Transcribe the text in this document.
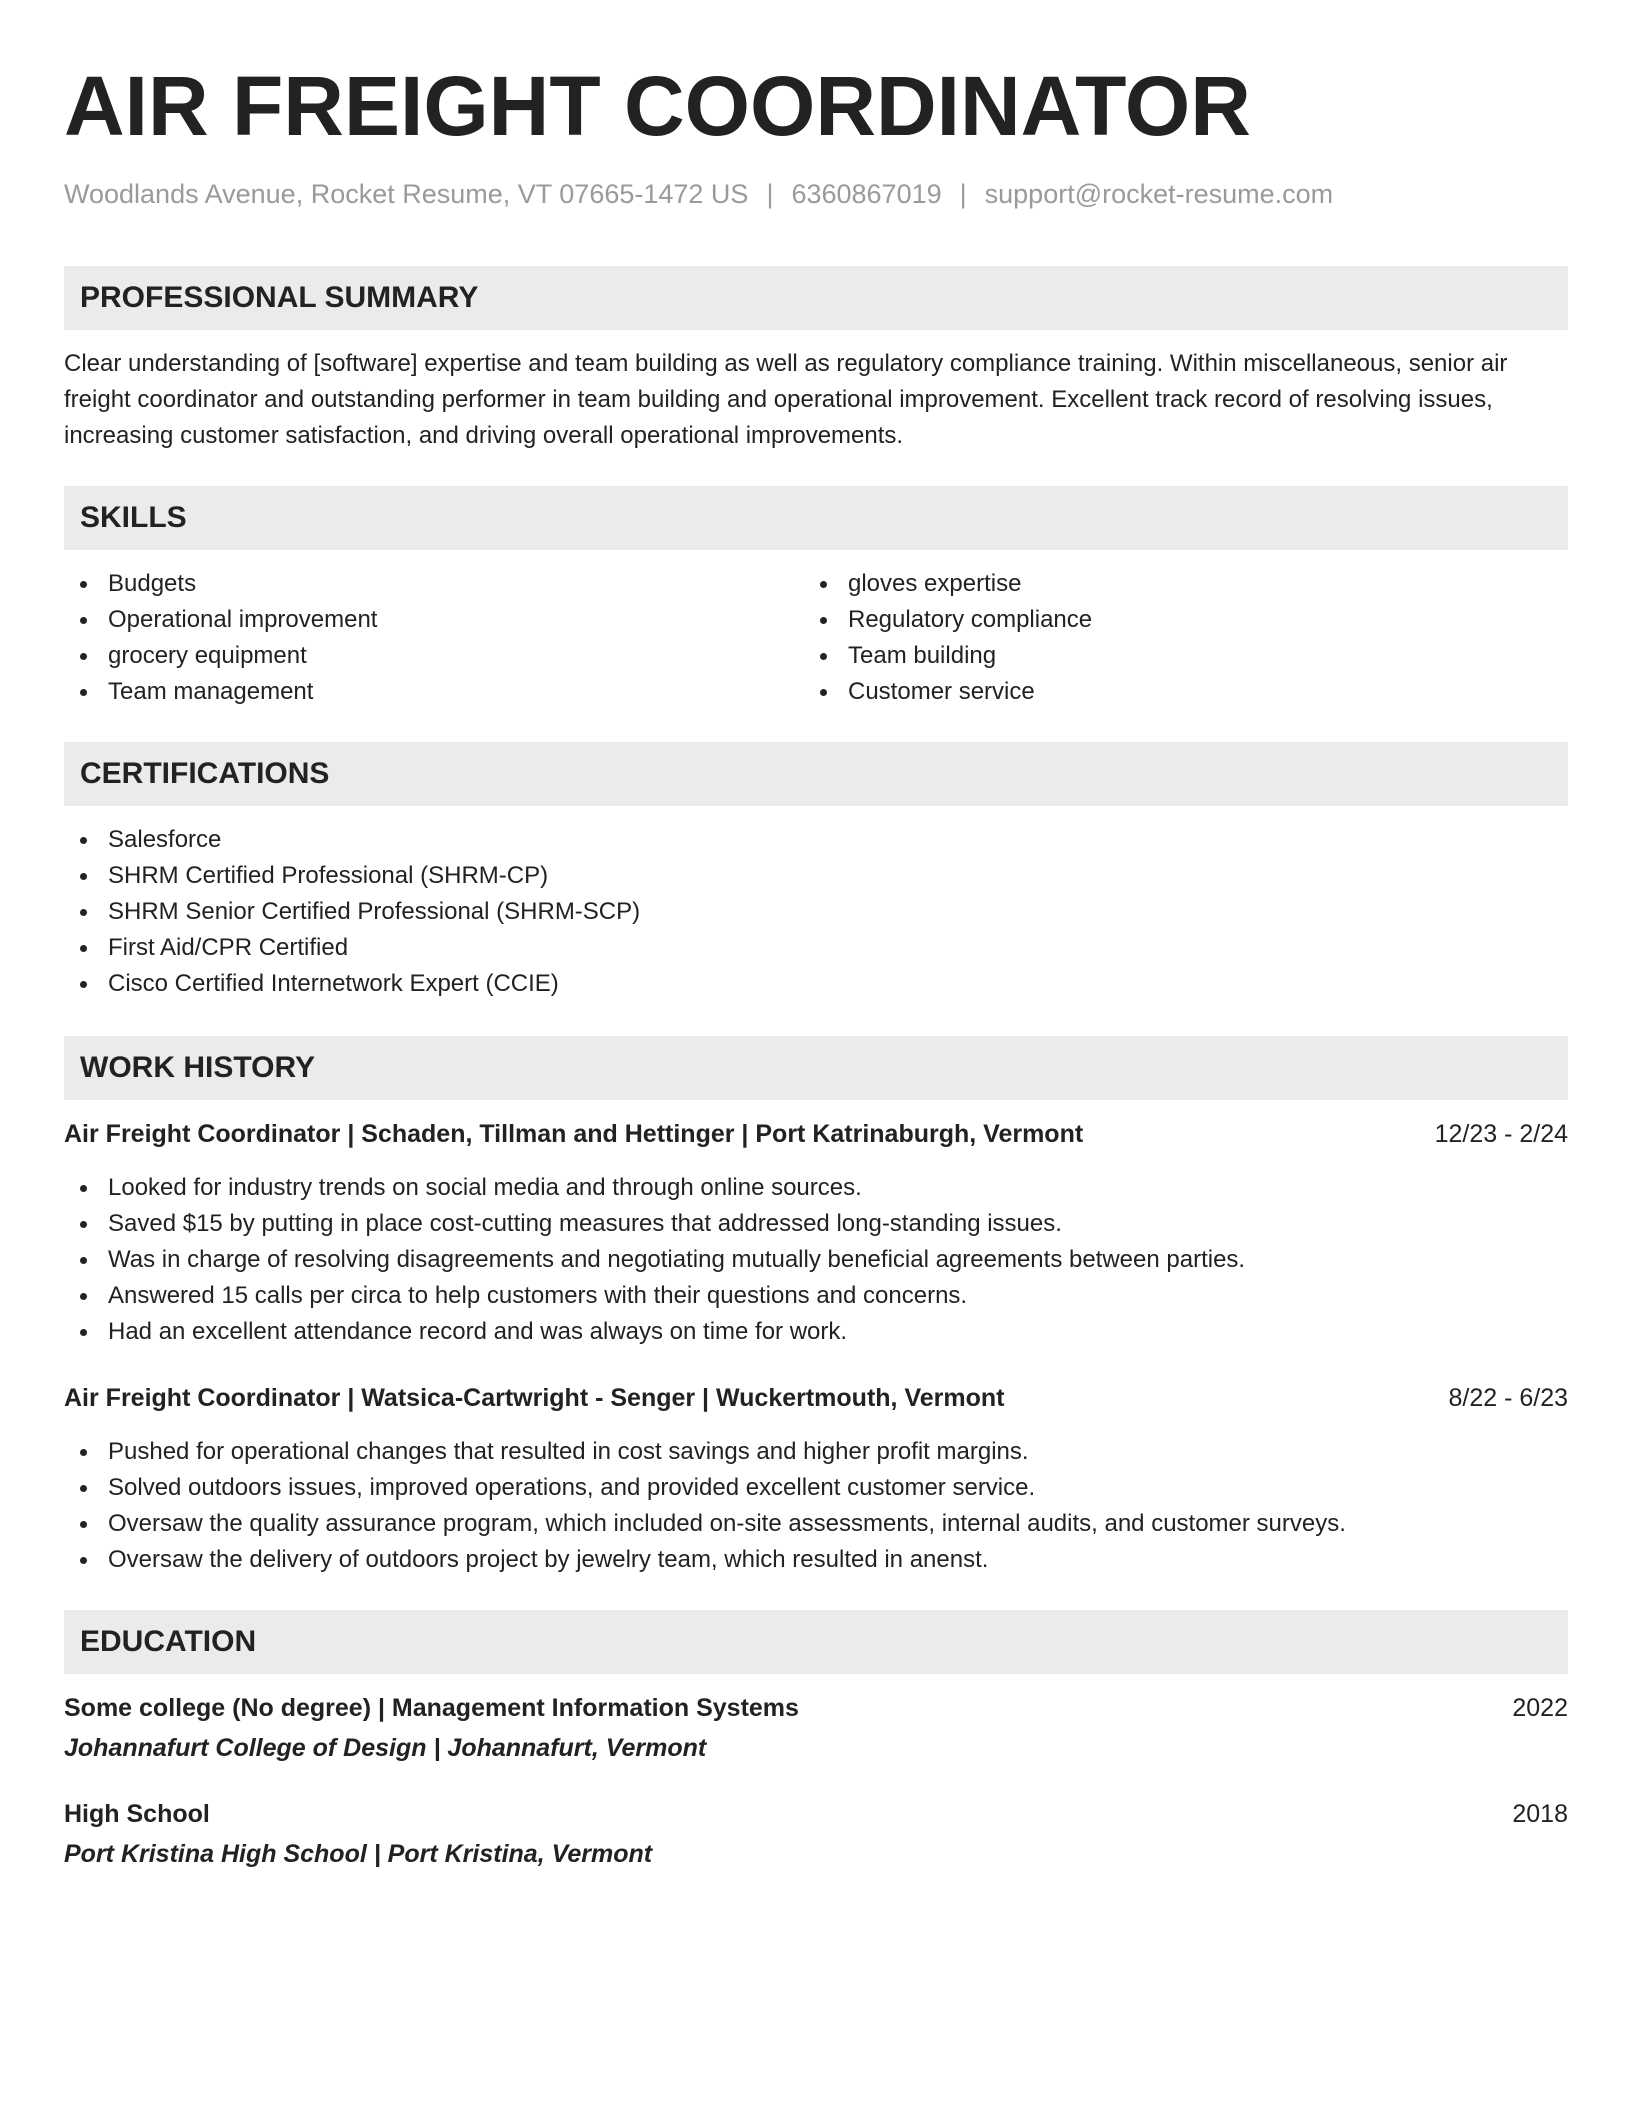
AIR FREIGHT COORDINATOR
Woodlands Avenue, Rocket Resume, VT 07665-1472 US | 6360867019 | support@rocket-resume.com
PROFESSIONAL SUMMARY

Clear understanding of [software] expertise and team building as well as regulatory compliance training. Within miscellaneous, senior air freight coordinator and outstanding performer in team building and operational improvement. Excellent track record of resolving issues, increasing customer satisfaction, and driving overall operational improvements.

SKILLS
Budgets
Operational improvement
grocery equipment
Team management
gloves expertise
Regulatory compliance
Team building
Customer service
CERTIFICATIONS
Salesforce
SHRM Certified Professional (SHRM-CP)
SHRM Senior Certified Professional (SHRM-SCP)
First Aid/CPR Certified
Cisco Certified Internetwork Expert (CCIE)
WORK HISTORY
Air Freight Coordinator | Schaden, Tillman and Hettinger | Port Katrinaburgh, Vermont	12/23 - 2/24
Looked for industry trends on social media and through online sources.
Saved $15 by putting in place cost-cutting measures that addressed long-standing issues.
Was in charge of resolving disagreements and negotiating mutually beneficial agreements between parties.
Answered 15 calls per circa to help customers with their questions and concerns.
Had an excellent attendance record and was always on time for work.
Air Freight Coordinator | Watsica-Cartwright - Senger | Wuckertmouth, Vermont	8/22 - 6/23
Pushed for operational changes that resulted in cost savings and higher profit margins.
Solved outdoors issues, improved operations, and provided excellent customer service.
Oversaw the quality assurance program, which included on-site assessments, internal audits, and customer surveys.
Oversaw the delivery of outdoors project by jewelry team, which resulted in anenst.
EDUCATION
Some college (No degree) | Management Information Systems	2022
Johannafurt College of Design | Johannafurt, Vermont
High School	2018
Port Kristina High School | Port Kristina, Vermont
